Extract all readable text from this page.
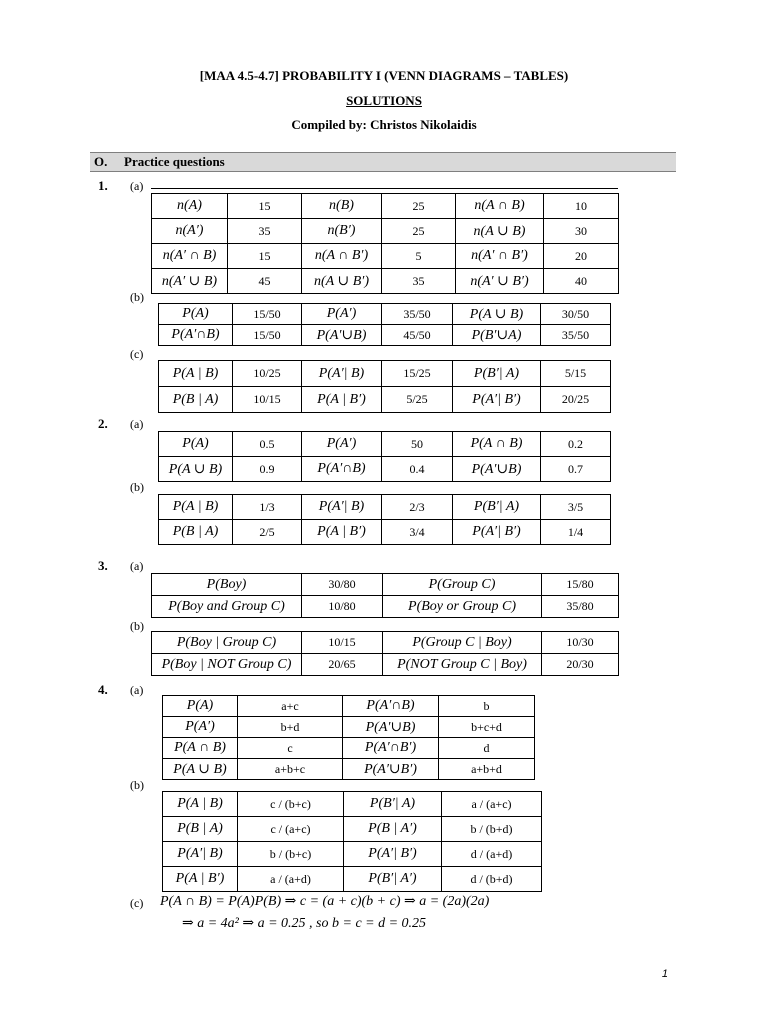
[MAA 4.5-4.7] PROBABILITY I (VENN DIAGRAMS – TABLES)
SOLUTIONS
Compiled by: Christos Nikolaidis
O. Practice questions
1. (a)
(b)
(c)
n(A)	15	n(B)	25	n(A ∩ B)	10
n(A′)	35	n(B′)	25	n(A ∪ B)	30
n(A′ ∩ B)	15	n(A ∩ B′)	5	n(A′ ∩ B′)	20
n(A′ ∪ B)	45	n(A ∪ B′)	35	n(A′ ∪ B′)	40
P(A)	15/50	P(A′)	35/50	P(A ∪ B)	30/50
P(A′∩B)	15/50	P(A′∪B)	45/50	P(B′∪A)	35/50
P(A | B)	10/25	P(A′| B)	15/25	P(B′| A)	5/15
P(B | A)	10/15	P(A | B′)	5/25	P(A′| B′)	20/25
2. (a)
(b)
P(A)	0.5	P(A′)	50	P(A ∩ B)	0.2
P(A ∪ B)	0.9	P(A′∩B)	0.4	P(A′∪B)	0.7
P(A | B)	1/3	P(A′| B)	2/3	P(B′| A)	3/5
P(B | A)	2/5	P(A | B′)	3/4	P(A′| B′)	1/4
3. (a)
(b)
P(Boy)	30/80	P(Group C)	15/80
P(Boy and Group C)	10/80	P(Boy or Group C)	35/80
P(Boy | Group C)	10/15	P(Group C | Boy)	10/30
P(Boy | NOT Group C)	20/65	P(NOT Group C | Boy)	20/30
4. (a)
(b)
P(A)	a+c	P(A′∩B)	b
P(A′)	b+d	P(A′∪B)	b+c+d
P(A ∩ B)	c	P(A′∩B′)	d
P(A ∪ B)	a+b+c	P(A′∪B′)	a+b+d
P(A | B)	c / (b+c)	P(B′| A)	a / (a+c)
P(B | A)	c / (a+c)	P(B | A′)	b / (b+d)
P(A′| B)	b / (b+c)	P(A′| B′)	d / (a+d)
P(A | B′)	a / (a+d)	P(B′| A′)	d / (b+d)
(c) P(A ∩ B) = P(A)P(B) ⇒ c = (a + c)(b + c) ⇒ a = (2a)(2a)
⇒ a = 4a² ⇒ a = 0.25 , so b = c = d = 0.25
1
